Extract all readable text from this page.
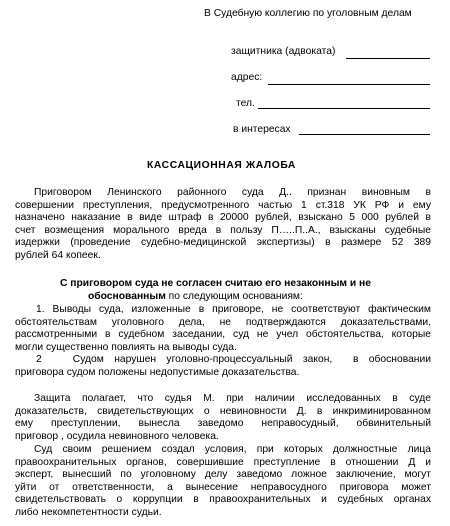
В Судебную коллегию по уголовным делам
защитника (адвоката)
адрес:
тел.
в интересах
КАССАЦИОННАЯ ЖАЛОБА
Приговором Ленинского районного суда Д.. признан виновным в
совершении преступления, предусмотренного частью 1 ст.318 УК РФ и ему
назначено наказание в виде штраф в 20000 рублей, взыскано 5 000 рублей в
счет возмещения морального вреда в пользу П…..П..А., взысканы судебные
издержки (проведение судебно-медицинской экспертизы) в размере 52 389
рублей 64 копеек.
С приговором суда не согласен считаю его незаконным и не
обоснованным по следующим основаниям:
1. Выводы суда, изложенные в приговоре, не соответствуют фактическим
обстоятельствам уголовного дела, не подтверждаются доказательствами,
рассмотренными в судебном заседании, суд не учел обстоятельства, которые
могли существенно повлиять на выводы суда.
2      Судом  нарушен  уголовно-процессуальный  закон,    в  обосновании
приговора судом положены недопустимые доказательства.
Защита полагает, что судья М. при наличии исследованных в суде
доказательств, свидетельствующих о невиновности Д. в инкриминированном
ему преступлении, вынесла заведомо неправосудный, обвинительный
приговор , осудила невиновного человека.
Суд своим решением создал условия, при которых должностные лица
правоохранительных органов, совершившие преступление в отношении Д и
эксперт, вынесший по уголовному делу заведомо ложное заключение, могут
уйти от ответственности, а вынесение неправосудного приговора может
свидетельствовать о коррупции в правоохранительных и судебных органах
либо некомпетентности судьи.
